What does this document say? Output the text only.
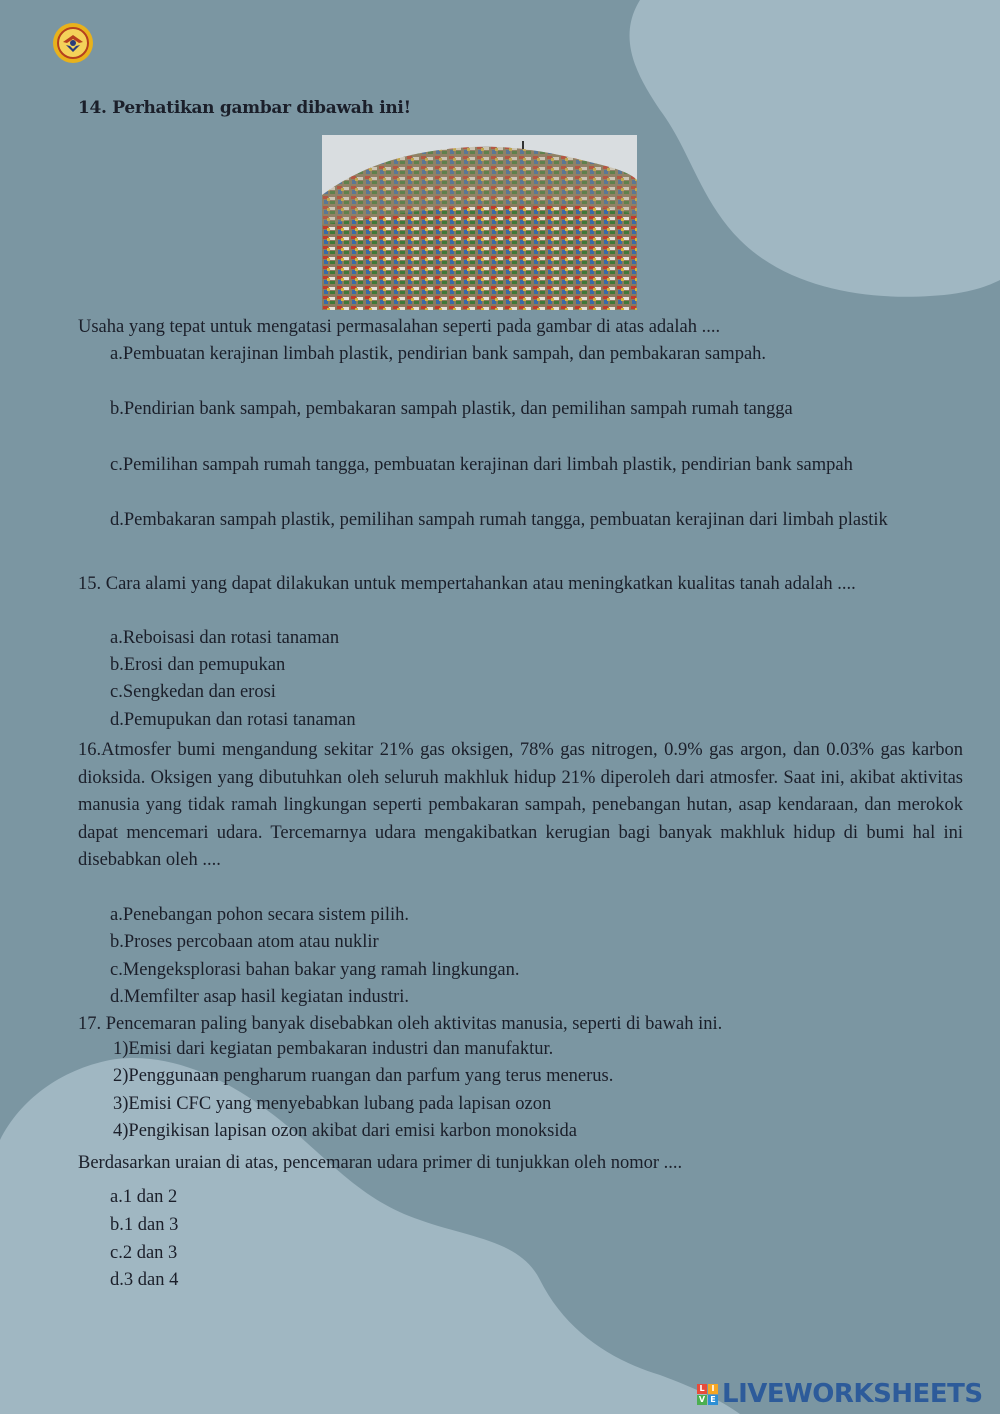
14. Perhatikan gambar dibawah ini!
Usaha yang tepat untuk mengatasi permasalahan seperti pada gambar di atas adalah ....
a.Pembuatan kerajinan limbah plastik, pendirian bank sampah, dan pembakaran sampah.
b.Pendirian bank sampah, pembakaran sampah plastik, dan pemilihan sampah rumah tangga
c.Pemilihan sampah rumah tangga, pembuatan kerajinan dari limbah plastik, pendirian bank sampah
d.Pembakaran sampah plastik, pemilihan sampah rumah tangga, pembuatan kerajinan dari limbah plastik
15. Cara alami yang dapat dilakukan untuk mempertahankan atau meningkatkan kualitas tanah adalah ....
a.Reboisasi dan rotasi tanaman
b.Erosi dan pemupukan
c.Sengkedan dan erosi
d.Pemupukan dan rotasi tanaman
16.Atmosfer bumi mengandung sekitar 21% gas oksigen, 78% gas nitrogen, 0.9% gas argon, dan 0.03% gas karbon dioksida. Oksigen yang dibutuhkan oleh seluruh makhluk hidup 21% diperoleh dari atmosfer. Saat ini, akibat aktivitas manusia yang tidak ramah lingkungan seperti pembakaran sampah, penebangan hutan, asap kendaraan, dan merokok dapat mencemari udara. Tercemarnya udara mengakibatkan kerugian bagi banyak makhluk hidup di bumi hal ini disebabkan oleh ....
a.Penebangan pohon secara sistem pilih.
b.Proses percobaan atom atau nuklir
c.Mengeksplorasi bahan bakar yang ramah lingkungan.
d.Memfilter asap hasil kegiatan industri.
17. Pencemaran paling banyak disebabkan oleh aktivitas manusia, seperti di bawah ini.
1)Emisi dari kegiatan pembakaran industri dan manufaktur.
2)Penggunaan pengharum ruangan dan parfum yang terus menerus.
3)Emisi CFC yang menyebabkan lubang pada lapisan ozon
4)Pengikisan lapisan ozon akibat dari emisi karbon monoksida
Berdasarkan uraian di atas, pencemaran udara primer di tunjukkan oleh nomor ....
a.1 dan 2
b.1 dan 3
c.2 dan 3
d.3 dan 4
L I
V E LIVEWORKSHEETS
